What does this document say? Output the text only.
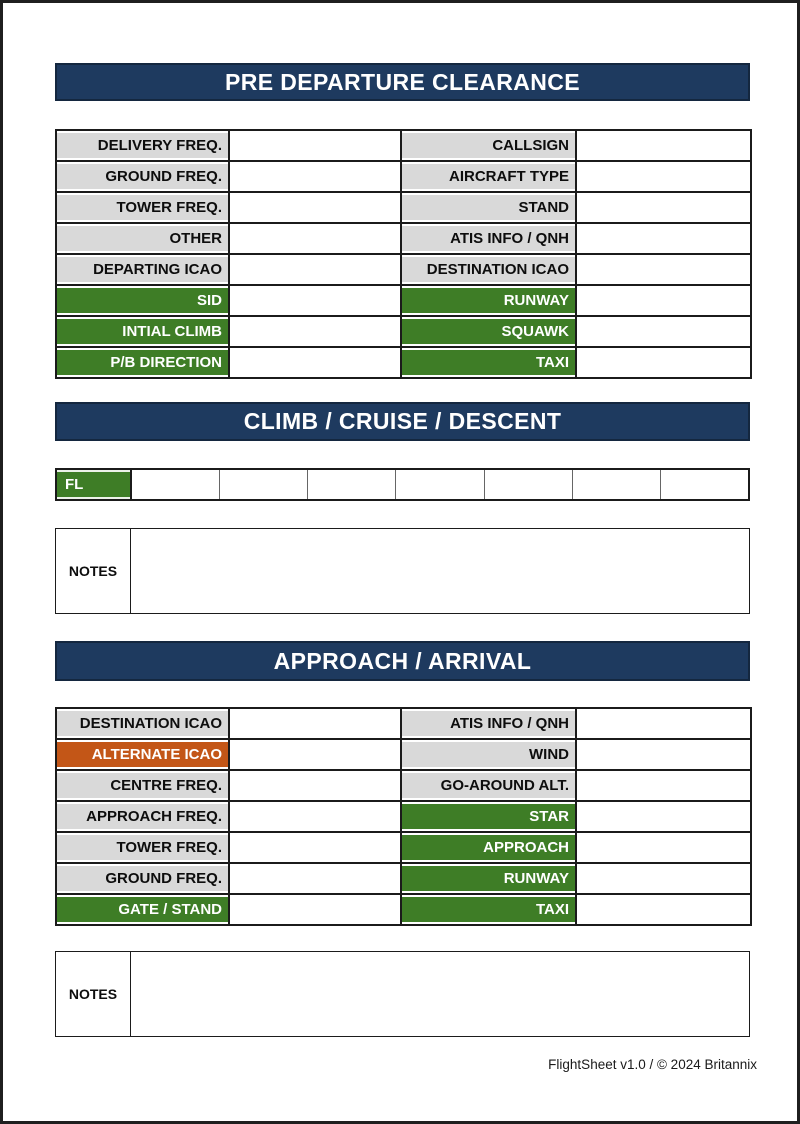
PRE DEPARTURE CLEARANCE
DELIVERY FREQ.		CALLSIGN	
GROUND FREQ.		AIRCRAFT TYPE	
TOWER FREQ.		STAND	
OTHER		ATIS INFO / QNH	
DEPARTING ICAO		DESTINATION ICAO	
SID		RUNWAY	
INTIAL CLIMB		SQUAWK	
P/B DIRECTION		TAXI	
CLIMB / CRUISE / DESCENT
FL							
NOTES	
APPROACH / ARRIVAL
DESTINATION ICAO		ATIS INFO / QNH	
ALTERNATE ICAO		WIND	
CENTRE FREQ.		GO-AROUND ALT.	
APPROACH FREQ.		STAR	
TOWER FREQ.		APPROACH	
GROUND FREQ.		RUNWAY	
GATE / STAND		TAXI	
NOTES	
FlightSheet v1.0 / © 2024 Britannix
